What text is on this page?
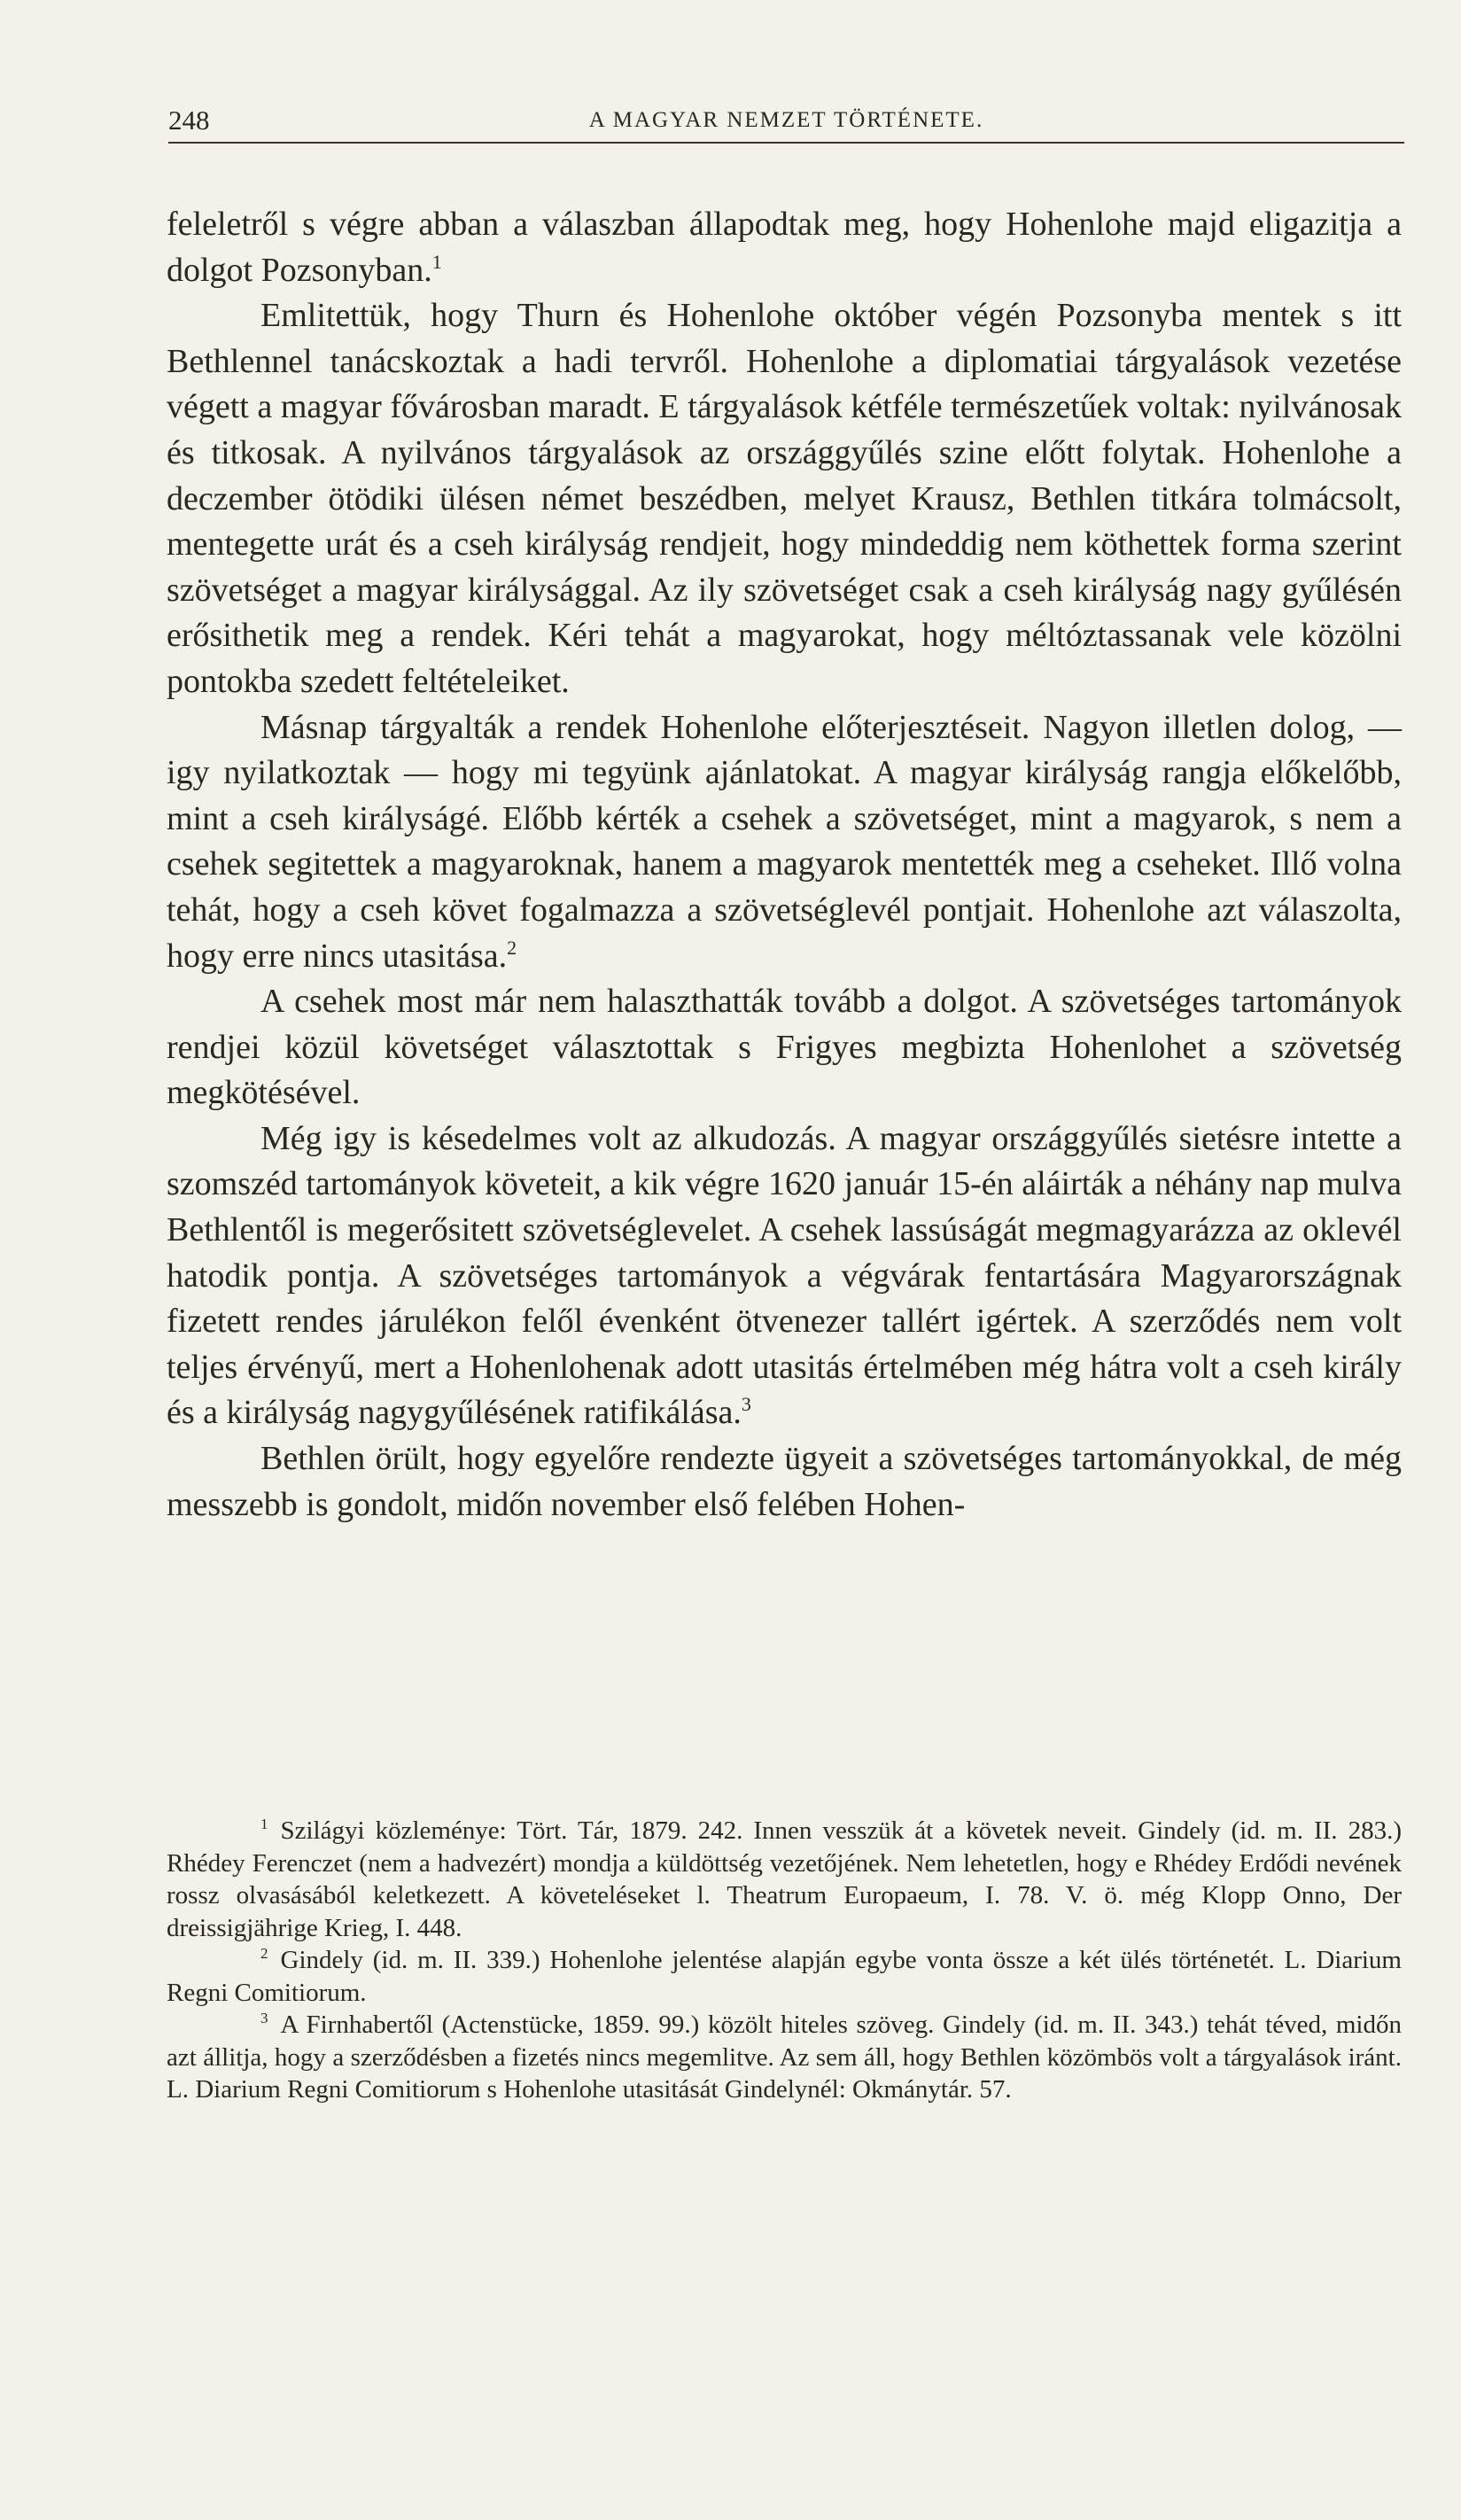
248	A MAGYAR NEMZET TÖRTÉNETE.

feleletről s végre abban a válaszban állapodtak meg, hogy Hohenlohe majd eligazitja a dolgot Pozsonyban.$^1$

Emlitettük, hogy Thurn és Hohenlohe október végén Pozsonyba mentek s itt Bethlennel tanácskoztak a hadi tervről. Hohenlohe a diplomatiai tárgyalások vezetése végett a magyar fővárosban maradt. E tárgyalások kétféle természetűek voltak: nyilvánosak és titkosak. A nyilvános tárgyalások az országgyűlés szine előtt folytak. Hohenlohe a deczember ötödiki ülésen német beszédben, melyet Krausz, Bethlen titkára tolmácsolt, mentegette urát és a cseh királyság rendjeit, hogy mindeddig nem köthettek forma szerint szövetséget a magyar királysággal. Az ily szövetséget csak a cseh királyság nagy gyűlésén erősithetik meg a rendek. Kéri tehát a magyarokat, hogy méltóztassanak vele közölni pontokba szedett feltételeiket.

Másnap tárgyalták a rendek Hohenlohe előterjesztéseit. Nagyon illetlen dolog, — igy nyilatkoztak — hogy mi tegyünk ajánlatokat. A magyar királyság rangja előkelőbb, mint a cseh királyságé. Előbb kérték a csehek a szövetséget, mint a magyarok, s nem a csehek segitettek a magyaroknak, hanem a magyarok mentették meg a cseheket. Illő volna tehát, hogy a cseh követ fogalmazza a szövetséglevél pontjait. Hohenlohe azt válaszolta, hogy erre nincs utasitása.$^2$

A csehek most már nem halaszthatták tovább a dolgot. A szövetséges tartományok rendjei közül követséget választottak s Frigyes megbizta Hohenlohet a szövetség megkötésével.

Még igy is késedelmes volt az alkudozás. A magyar országgyűlés sietésre intette a szomszéd tartományok követeit, a kik végre 1620 január 15-én aláirták a néhány nap mulva Bethlentől is megerősitett szövetséglevelet. A csehek lassúságát megmagyarázza az oklevél hatodik pontja. A szövetséges tartományok a végvárak fentartására Magyarországnak fizetett rendes járulékon felől évenként ötvenezer tallért igértek. A szerződés nem volt teljes érvényű, mert a Hohenlohenak adott utasitás értelmében még hátra volt a cseh király és a királyság nagygyűlésének ratifikálása.$^3$

Bethlen örült, hogy egyelőre rendezte ügyeit a szövetséges tartományokkal, de még messzebb is gondolt, midőn november első felében Hohen-

$^1$ Szilágyi közleménye: Tört. Tár, 1879. 242. Innen vesszük át a követek neveit. Gindely (id. m. II. 283.) Rhédey Ferenczet (nem a hadvezért) mondja a küldöttség vezetőjének. Nem lehetetlen, hogy e Rhédey Erdődi nevének rossz olvasásából keletkezett. A követeléseket l. Theatrum Europaeum, I. 78. V. ö. még Klopp Onno, Der dreissigjährige Krieg, I. 448.

$^2$ Gindely (id. m. II. 339.) Hohenlohe jelentése alapján egybe vonta össze a két ülés történetét. L. Diarium Regni Comitiorum.

$^3$ A Firnhabertől (Actenstücke, 1859. 99.) közölt hiteles szöveg. Gindely (id. m. II. 343.) tehát téved, midőn azt állitja, hogy a szerződésben a fizetés nincs megemlitve. Az sem áll, hogy Bethlen közömbös volt a tárgyalások iránt. L. Diarium Regni Comitiorum s Hohenlohe utasitását Gindelynél: Okmánytár. 57.
